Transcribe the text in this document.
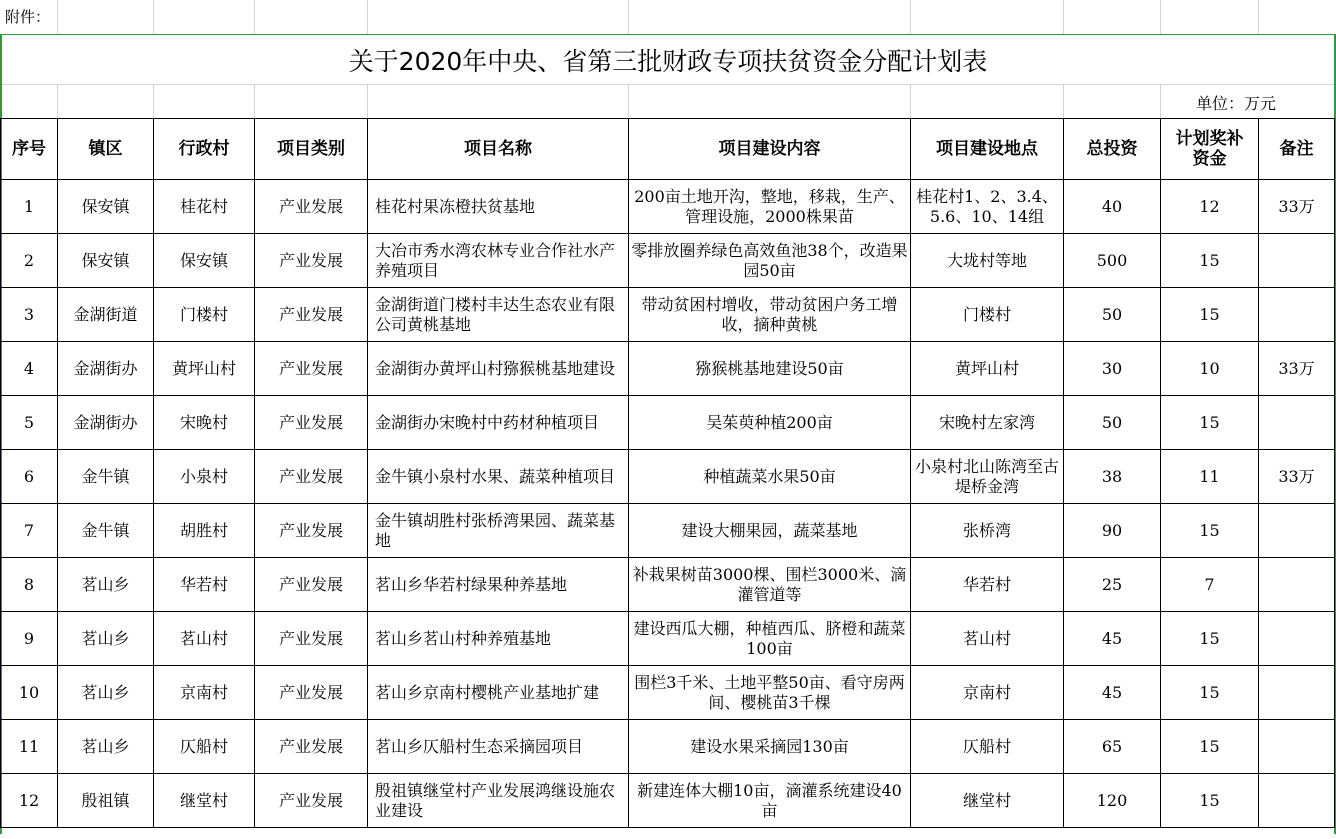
附件：
关于2020年中央、省第三批财政专项扶贫资金分配计划表
单位：万元
序号	镇区	行政村	项目类别	项目名称	项目建设内容	项目建设地点	总投资	计划奖补资金	备注
1	保安镇	桂花村	产业发展	桂花村果冻橙扶贫基地	200亩土地开沟，整地，移栽，生产、管理设施，2000株果苗	桂花村1、2、3.4、5.6、10、14组	40	12	33万
2	保安镇	保安镇	产业发展	大冶市秀水湾农林专业合作社水产养殖项目	零排放圈养绿色高效鱼池38个，改造果园50亩	大垅村等地	500	15	
3	金湖街道	门楼村	产业发展	金湖街道门楼村丰达生态农业有限公司黄桃基地	带动贫困村增收，带动贫困户务工增收，摘种黄桃	门楼村	50	15	
4	金湖街办	黄坪山村	产业发展	金湖街办黄坪山村猕猴桃基地建设	猕猴桃基地建设50亩	黄坪山村	30	10	33万
5	金湖街办	宋晚村	产业发展	金湖街办宋晚村中药材种植项目	吴茱萸种植200亩	宋晚村左家湾	50	15	
6	金牛镇	小泉村	产业发展	金牛镇小泉村水果、蔬菜种植项目	种植蔬菜水果50亩	小泉村北山陈湾至古堤桥金湾	38	11	33万
7	金牛镇	胡胜村	产业发展	金牛镇胡胜村张桥湾果园、蔬菜基地	建设大棚果园，蔬菜基地	张桥湾	90	15	
8	茗山乡	华若村	产业发展	茗山乡华若村绿果种养基地	补栽果树苗3000棵、围栏3000米、滴灌管道等	华若村	25	7	
9	茗山乡	茗山村	产业发展	茗山乡茗山村种养殖基地	建设西瓜大棚，种植西瓜、脐橙和蔬菜100亩	茗山村	45	15	
10	茗山乡	京南村	产业发展	茗山乡京南村樱桃产业基地扩建	围栏3千米、土地平整50亩、看守房两间、樱桃苗3千棵	京南村	45	15	
11	茗山乡	仄船村	产业发展	茗山乡仄船村生态采摘园项目	建设水果采摘园130亩	仄船村	65	15	
12	殷祖镇	继堂村	产业发展	殷祖镇继堂村产业发展鸿继设施农业建设	新建连体大棚10亩，滴灌系统建设40亩	继堂村	120	15	
